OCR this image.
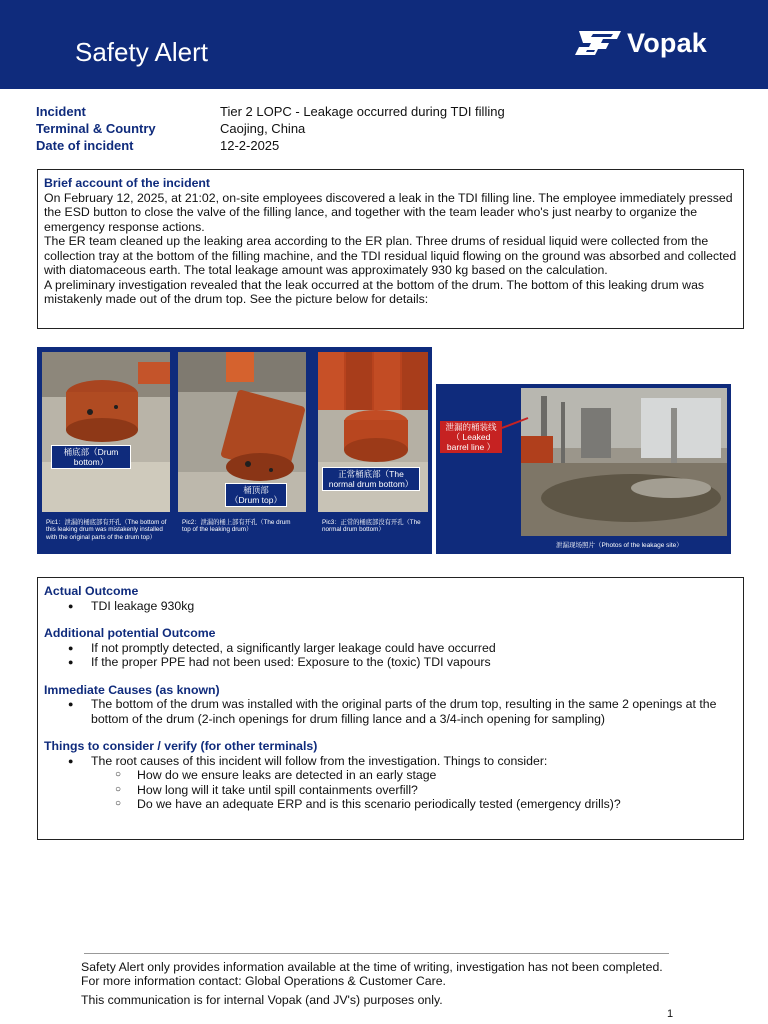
Safety Alert	Vopak
Incident	Tier 2 LOPC - Leakage occurred during TDI filling
Terminal & Country	Caojing, China
Date of incident	12-2-2025
Brief account of the incident
On February 12, 2025, at 21:02, on-site employees discovered a leak in the TDI filling line. The employee immediately pressed the ESD button to close the valve of the filling lance, and together with the team leader who's just nearby to organize the emergency response actions.
The ER team cleaned up the leaking area according to the ER plan. Three drums of residual liquid were collected from the collection tray at the bottom of the filling machine, and the TDI residual liquid flowing on the ground was absorbed and collected with diatomaceous earth. The total leakage amount was approximately 930 kg based on the calculation.
A preliminary investigation revealed that the leak occurred at the bottom of the drum. The bottom of this leaking drum was mistakenly made out of the drum top. See the picture below for details:
桶底部（Drum bottom）
Pic1：泄漏的桶底部有开孔（The bottom of this leaking drum was mistakenly installed with the original parts of the drum top）
桶顶部（Drum top）
Pic2：泄漏的桶上部有开孔（The drum top of the leaking drum）
正常桶底部（The normal drum bottom）
Pic3：正常的桶底部没有开孔（The normal drum bottom）
泄漏的桶装线
（ Leaked
barrel line ）
泄漏现场照片（Photos of the leakage site）
Actual Outcome
● TDI leakage 930kg
Additional potential Outcome
● If not promptly detected, a significantly larger leakage could have occurred
● If the proper PPE had not been used: Exposure to the (toxic) TDI vapours
Immediate Causes (as known)
● The bottom of the drum was installed with the original parts of the drum top, resulting in the same 2 openings at the bottom of the drum (2-inch openings for drum filling lance and a 3/4-inch opening for sampling)
Things to consider / verify (for other terminals)
● The root causes of this incident will follow from the investigation. Things to consider:
○ How do we ensure leaks are detected in an early stage
○ How long will it take until spill containments overfill?
○ Do we have an adequate ERP and is this scenario periodically tested (emergency drills)?

Safety Alert only provides information available at the time of writing, investigation has not been completed. For more information contact: Global Operations & Customer Care.

This communication is for internal Vopak (and JV's) purposes only.

1
